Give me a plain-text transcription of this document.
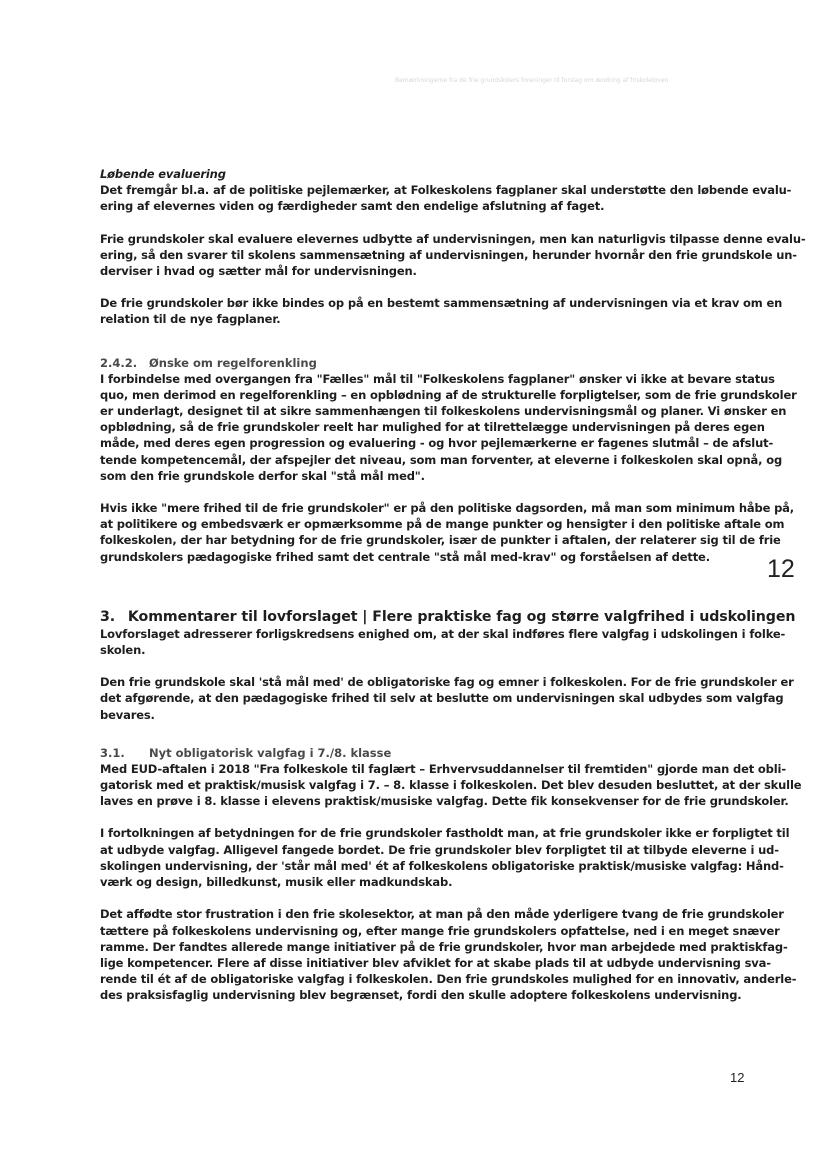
Bemærkningerne fra de frie grundskolers foreninger til forslag om ændring af friskoleloven
12
Løbende evaluering
Det fremgår bl.a. af de politiske pejlemærker, at Folkeskolens fagplaner skal understøtte den løbende evalu-
ering af elevernes viden og færdigheder samt den endelige afslutning af faget.
Frie grundskoler skal evaluere elevernes udbytte af undervisningen, men kan naturligvis tilpasse denne evalu-
ering, så den svarer til skolens sammensætning af undervisningen, herunder hvornår den frie grundskole un-
derviser i hvad og sætter mål for undervisningen.
De frie grundskoler bør ikke bindes op på en bestemt sammensætning af undervisningen via et krav om en
relation til de nye fagplaner.
2.4.2.	Ønske om regelforenkling
I forbindelse med overgangen fra "Fælles" mål til "Folkeskolens fagplaner" ønsker vi ikke at bevare status
quo, men derimod en regelforenkling – en opblødning af de strukturelle forpligtelser, som de frie grundskoler
er underlagt, designet til at sikre sammenhængen til folkeskolens undervisningsmål og planer. Vi ønsker en
opblødning, så de frie grundskoler reelt har mulighed for at tilrettelægge undervisningen på deres egen
måde, med deres egen progression og evaluering - og hvor pejlemærkerne er fagenes slutmål – de afslut-
tende kompetencemål, der afspejler det niveau, som man forventer, at eleverne i folkeskolen skal opnå, og
som den frie grundskole derfor skal "stå mål med".
Hvis ikke "mere frihed til de frie grundskoler" er på den politiske dagsorden, må man som minimum håbe på,
at politikere og embedsværk er opmærksomme på de mange punkter og hensigter i den politiske aftale om
folkeskolen, der har betydning for de frie grundskoler, især de punkter i aftalen, der relaterer sig til de frie
grundskolers pædagogiske frihed samt det centrale "stå mål med-krav" og forståelsen af dette.
3. Kommentarer til lovforslaget | Flere praktiske fag og større valgfrihed i udskolingen
Lovforslaget adresserer forligskredsens enighed om, at der skal indføres flere valgfag i udskolingen i folke-
skolen.
Den frie grundskole skal 'stå mål med' de obligatoriske fag og emner i folkeskolen. For de frie grundskoler er
det afgørende, at den pædagogiske frihed til selv at beslutte om undervisningen skal udbydes som valgfag
bevares.
3.1.	Nyt obligatorisk valgfag i 7./8. klasse
Med EUD-aftalen i 2018 "Fra folkeskole til faglært – Erhvervsuddannelser til fremtiden" gjorde man det obli-
gatorisk med et praktisk/musisk valgfag i 7. – 8. klasse i folkeskolen. Det blev desuden besluttet, at der skulle
laves en prøve i 8. klasse i elevens praktisk/musiske valgfag. Dette fik konsekvenser for de frie grundskoler.
I fortolkningen af betydningen for de frie grundskoler fastholdt man, at frie grundskoler ikke er forpligtet til
at udbyde valgfag. Alligevel fangede bordet. De frie grundskoler blev forpligtet til at tilbyde eleverne i ud-
skolingen undervisning, der 'står mål med' ét af folkeskolens obligatoriske praktisk/musiske valgfag: Hånd-
værk og design, billedkunst, musik eller madkundskab.
Det affødte stor frustration i den frie skolesektor, at man på den måde yderligere tvang de frie grundskoler
tættere på folkeskolens undervisning og, efter mange frie grundskolers opfattelse, ned i en meget snæver
ramme. Der fandtes allerede mange initiativer på de frie grundskoler, hvor man arbejdede med praktiskfag-
lige kompetencer. Flere af disse initiativer blev afviklet for at skabe plads til at udbyde undervisning sva-
rende til ét af de obligatoriske valgfag i folkeskolen. Den frie grundskoles mulighed for en innovativ, anderle-
des praksisfaglig undervisning blev begrænset, fordi den skulle adoptere folkeskolens undervisning.
12
